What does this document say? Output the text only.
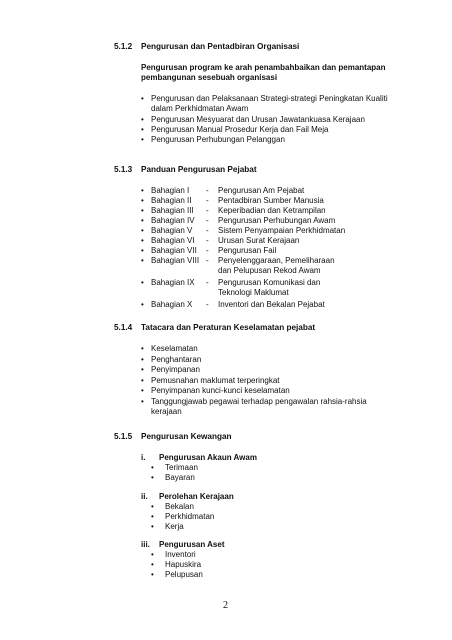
5.1.2 Pengurusan dan Pentadbiran Organisasi
Pengurusan program ke arah penambahbaikan dan pemantapan
pembangunan sesebuah organisasi
• Pengurusan dan Pelaksanaan Strategi-strategi Peningkatan Kualiti
dalam Perkhidmatan Awam
• Pengurusan Mesyuarat dan Urusan Jawatankuasa Kerajaan
• Pengurusan Manual Prosedur Kerja dan Fail Meja
• Pengurusan Perhubungan Pelanggan
5.1.3 Panduan Pengurusan Pejabat
• Bahagian I - Pengurusan Am Pejabat
• Bahagian II - Pentadbiran Sumber Manusia
• Bahagian III - Keperibadian dan Ketrampilan
• Bahagian IV - Pengurusan Perhubungan Awam
• Bahagian V - Sistem Penyampaian Perkhidmatan
• Bahagian VI - Urusan Surat Kerajaan
• Bahagian VII - Pengurusan Fail
• Bahagian VIII - Penyelenggaraan, Pemeliharaan
dan Pelupusan Rekod Awam
• Bahagian IX - Pengurusan Komunikasi dan
Teknologi Maklumat
• Bahagian X - Inventori dan Bekalan Pejabat
5.1.4 Tatacara dan Peraturan Keselamatan pejabat
• Keselamatan
• Penghantaran
• Penyimpanan
• Pemusnahan maklumat terperingkat
• Penyimpanan kunci-kunci keselamatan
• Tanggungjawab pegawai terhadap pengawalan rahsia-rahsia
kerajaan
5.1.5 Pengurusan Kewangan
i. Pengurusan Akaun Awam
• Terimaan
• Bayaran
ii. Perolehan Kerajaan
• Bekalan
• Perkhidmatan
• Kerja
iii. Pengurusan Aset
• Inventori
• Hapuskira
• Pelupusan
2
